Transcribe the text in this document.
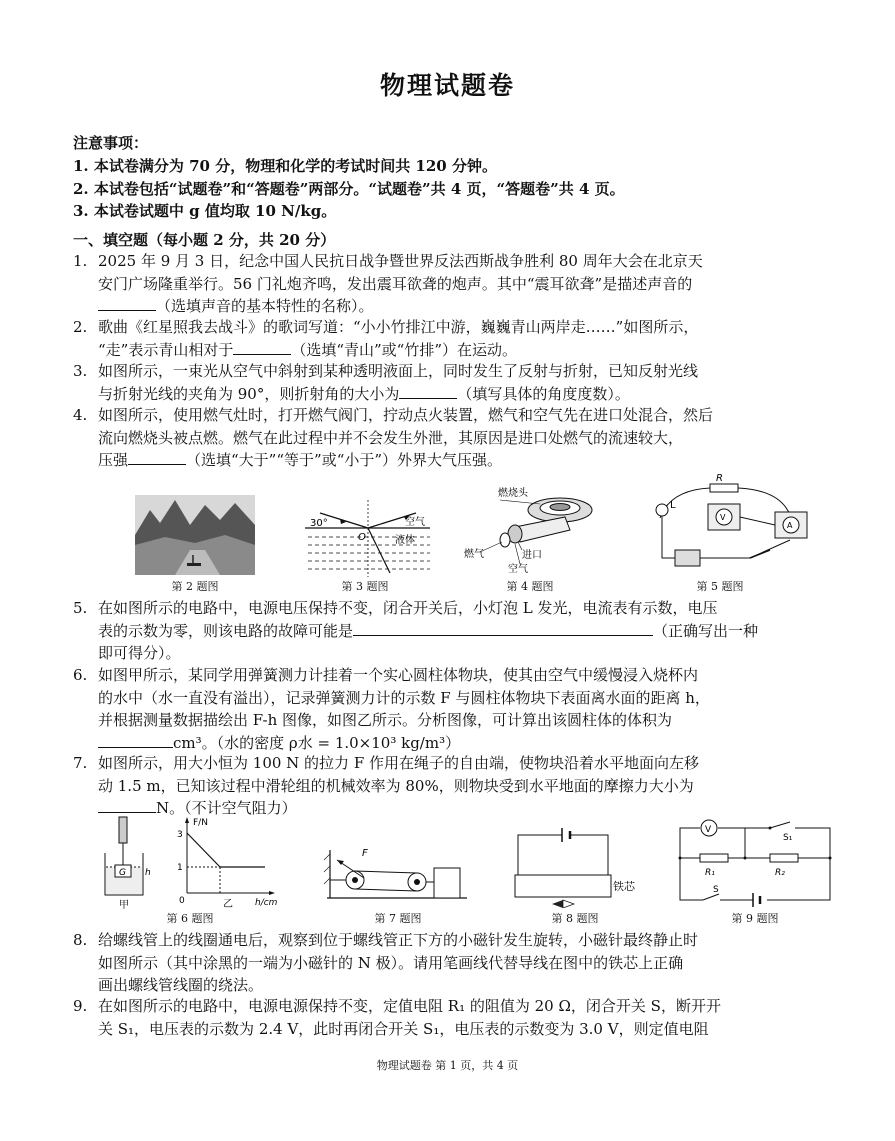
物理试题卷
注意事项：
1. 本试卷满分为 70 分，物理和化学的考试时间共 120 分钟。
2. 本试卷包括“试题卷”和“答题卷”两部分。“试题卷”共 4 页，“答题卷”共 4 页。
3. 本试卷试题中 g 值均取 10 N/kg。
一、填空题（每小题 2 分，共 20 分）
1. 2025 年 9 月 3 日，纪念中国人民抗日战争暨世界反法西斯战争胜利 80 周年大会在北京天
安门广场隆重举行。56 门礼炮齐鸣，发出震耳欲聋的炮声。其中“震耳欲聋”是描述声音的
（选填声音的基本特性的名称）。
2. 歌曲《红星照我去战斗》的歌词写道：“小小竹排江中游，巍巍青山两岸走……”如图所示，
“走”表示青山相对于	（选填“青山”或“竹排”）在运动。
3. 如图所示，一束光从空气中斜射到某种透明液面上，同时发生了反射与折射，已知反射光线
与折射光线的夹角为 90°，则折射角的大小为	（填写具体的角度度数）。
4. 如图所示，使用燃气灶时，打开燃气阀门，拧动点火装置，燃气和空气先在进口处混合，然后
流向燃烧头被点燃。燃气在此过程中并不会发生外泄，其原因是进口处燃气的流速较大，
压强	（选填“大于”“等于”或“小于”）外界大气压强。
30°
O
空气
液体
燃烧头
燃气	进口
空气
R
L
V
A
第 2 题图	第 3 题图	第 4 题图	第 5 题图
5. 在如图所示的电路中，电源电压保持不变，闭合开关后，小灯泡 L 发光，电流表有示数，电压
表的示数为零，则该电路的故障可能是	（正确写出一种
即可得分）。
6. 如图甲所示，某同学用弹簧测力计挂着一个实心圆柱体物块，使其由空气中缓慢浸入烧杯内
的水中（水一直没有溢出），记录弹簧测力计的示数 F 与圆柱体物块下表面离水面的距离 h，
并根据测量数据描绘出 F-h 图像，如图乙所示。分析图像，可计算出该圆柱体的体积为
cm³。（水的密度 ρ水 = 1.0×10³ kg/m³）
7. 如图所示，用大小恒为 100 N 的拉力 F 作用在绳子的自由端，使物块沿着水平地面向左移
动 1.5 m，已知该过程中滑轮组的机械效率为 80%，则物块受到水平地面的摩擦力大小为
N。（不计空气阻力）
G h
甲
F/N
3
1
0	乙 h/cm
F
铁芯
V
S₁
R₁	R₂
S
第 6 题图	第 7 题图	第 8 题图	第 9 题图
8. 给螺线管上的线圈通电后，观察到位于螺线管正下方的小磁针发生旋转，小磁针最终静止时
如图所示（其中涂黑的一端为小磁针的 N 极）。请用笔画线代替导线在图中的铁芯上正确
画出螺线管线圈的绕法。
9. 在如图所示的电路中，电源电源保持不变，定值电阻 R₁ 的阻值为 20 Ω，闭合开关 S，断开开
关 S₁，电压表的示数为 2.4 V，此时再闭合开关 S₁，电压表的示数变为 3.0 V，则定值电阻
物理试题卷 第 1 页，共 4 页
